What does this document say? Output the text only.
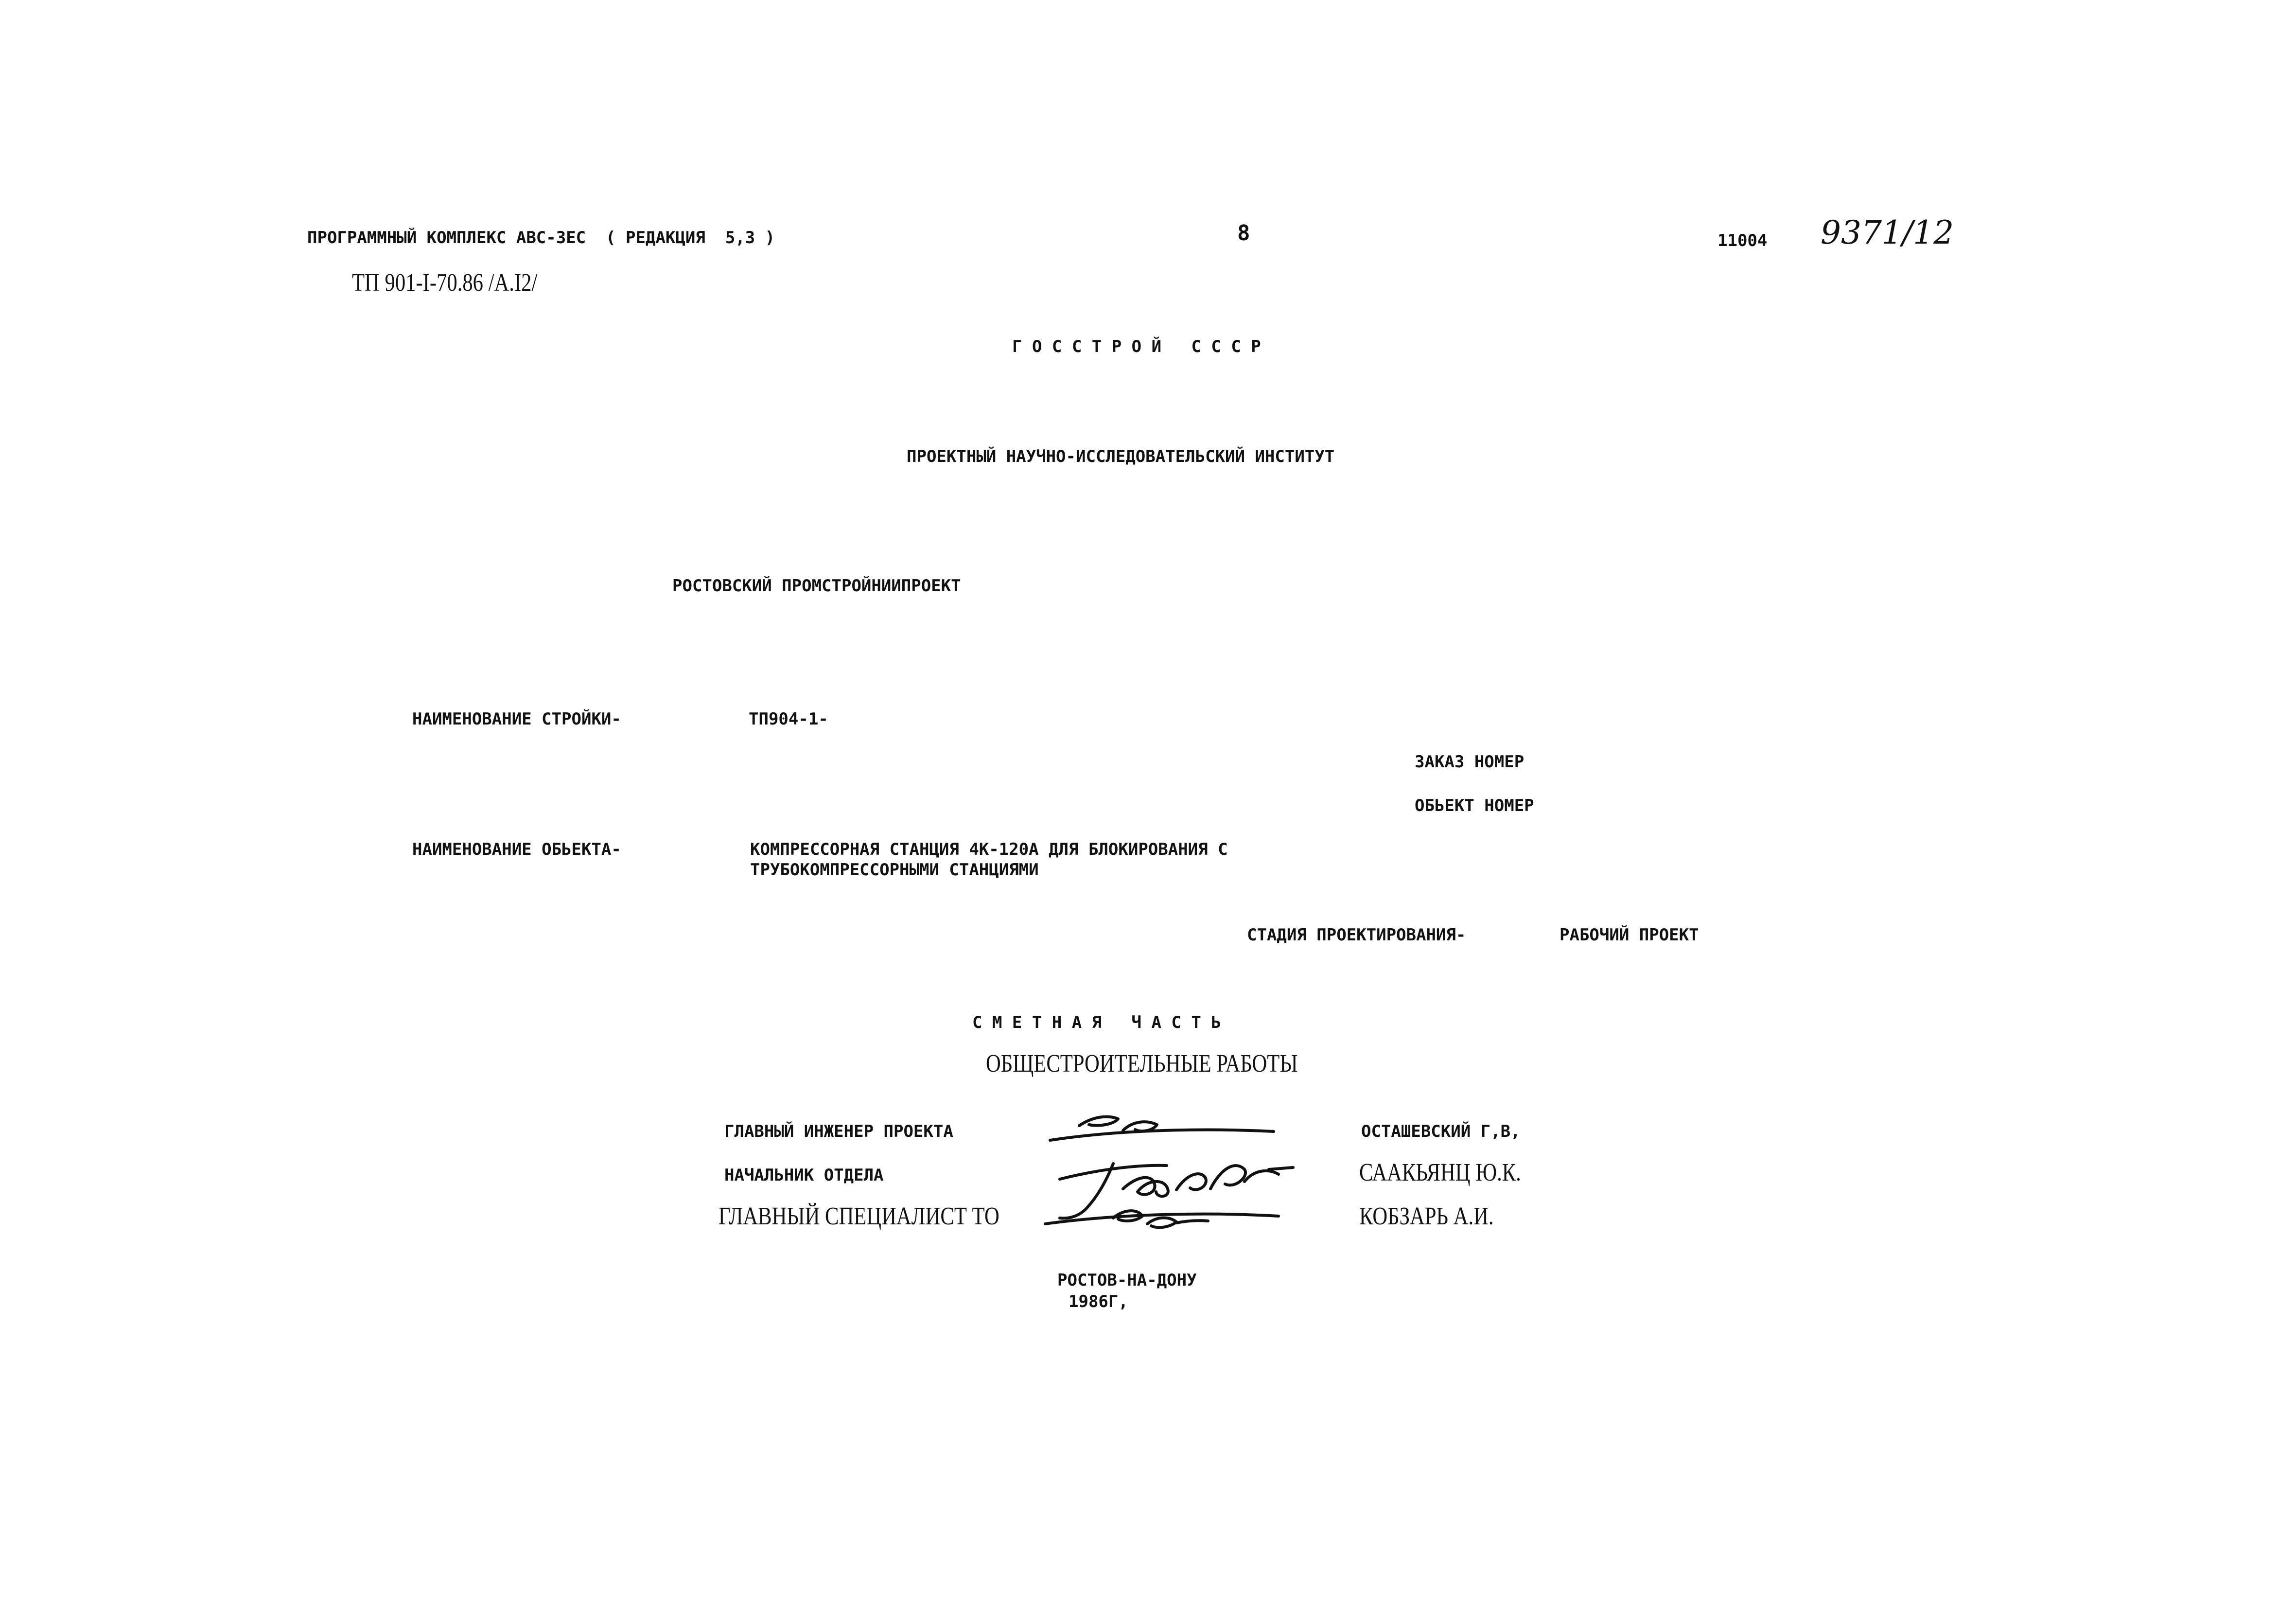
ПРОГРАММНЫЙ КОМПЛЕКС АВС-3ЕС  ( РЕДАКЦИЯ  5,3 )	8	11004 9371/12
ТП 901-I-70.86 /А.I2/
Г О С С Т Р О Й   С С С Р
ПРОЕКТНЫЙ НАУЧНО-ИССЛЕДОВАТЕЛЬСКИЙ ИНСТИТУТ
РОСТОВСКИЙ ПРОМСТРОЙНИИПРОЕКТ
НАИМЕНОВАНИЕ СТРОЙКИ-	ТП904-1-
ЗАКАЗ НОМЕР
ОБЬЕКТ НОМЕР
НАИМЕНОВАНИЕ ОБЬЕКТА-	КОМПРЕССОРНАЯ СТАНЦИЯ 4К-120А ДЛЯ БЛОКИРОВАНИЯ С
ТРУБОКОМПРЕССОРНЫМИ СТАНЦИЯМИ
СТАДИЯ ПРОЕКТИРОВАНИЯ-	РАБОЧИЙ ПРОЕКТ
С М Е Т Н А Я   Ч А С Т Ь
ОБЩЕСТРОИТЕЛЬНЫЕ РАБОТЫ
ГЛАВНЫЙ ИНЖЕНЕР ПРОЕКТА	ОСТАШЕВСКИЙ Г,В,
НАЧАЛЬНИК ОТДЕЛА	СААКЬЯНЦ Ю.К.
ГЛАВНЫЙ СПЕЦИАЛИСТ ТО	КОБЗАРЬ А.И.
РОСТОВ-НА-ДОНУ
1986Г,
